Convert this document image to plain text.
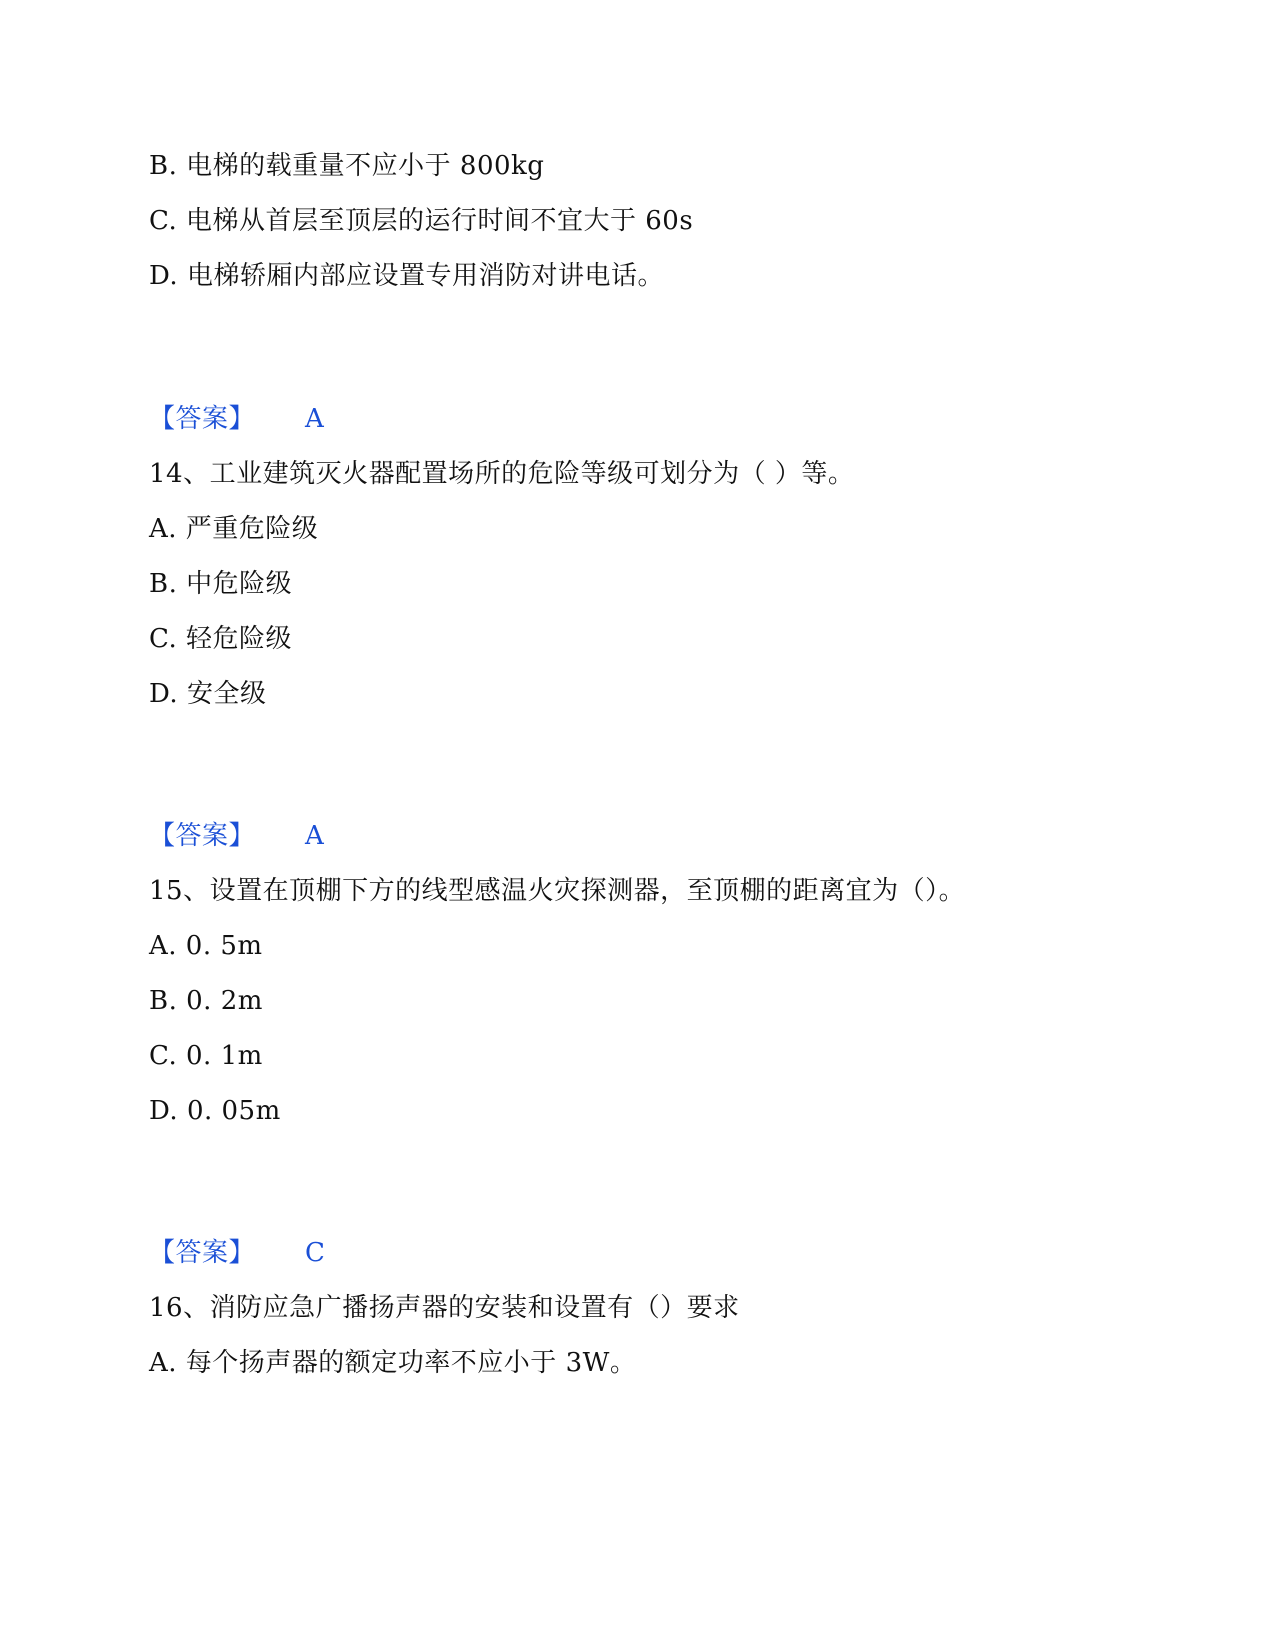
B. 电梯的载重量不应小于 800kg
C. 电梯从首层至顶层的运行时间不宜大于 60s
D. 电梯轿厢内部应设置专用消防对讲电话。
【答案】 A
14、工业建筑灭火器配置场所的危险等级可划分为（ ）等。
A. 严重危险级
B. 中危险级
C. 轻危险级
D. 安全级
【答案】 A
15、设置在顶棚下方的线型感温火灾探测器，至顶棚的距离宜为（）。
A. 0. 5m
B. 0. 2m
C. 0. 1m
D. 0. 05m
【答案】 C
16、消防应急广播扬声器的安装和设置有（）要求
A. 每个扬声器的额定功率不应小于 3W。
